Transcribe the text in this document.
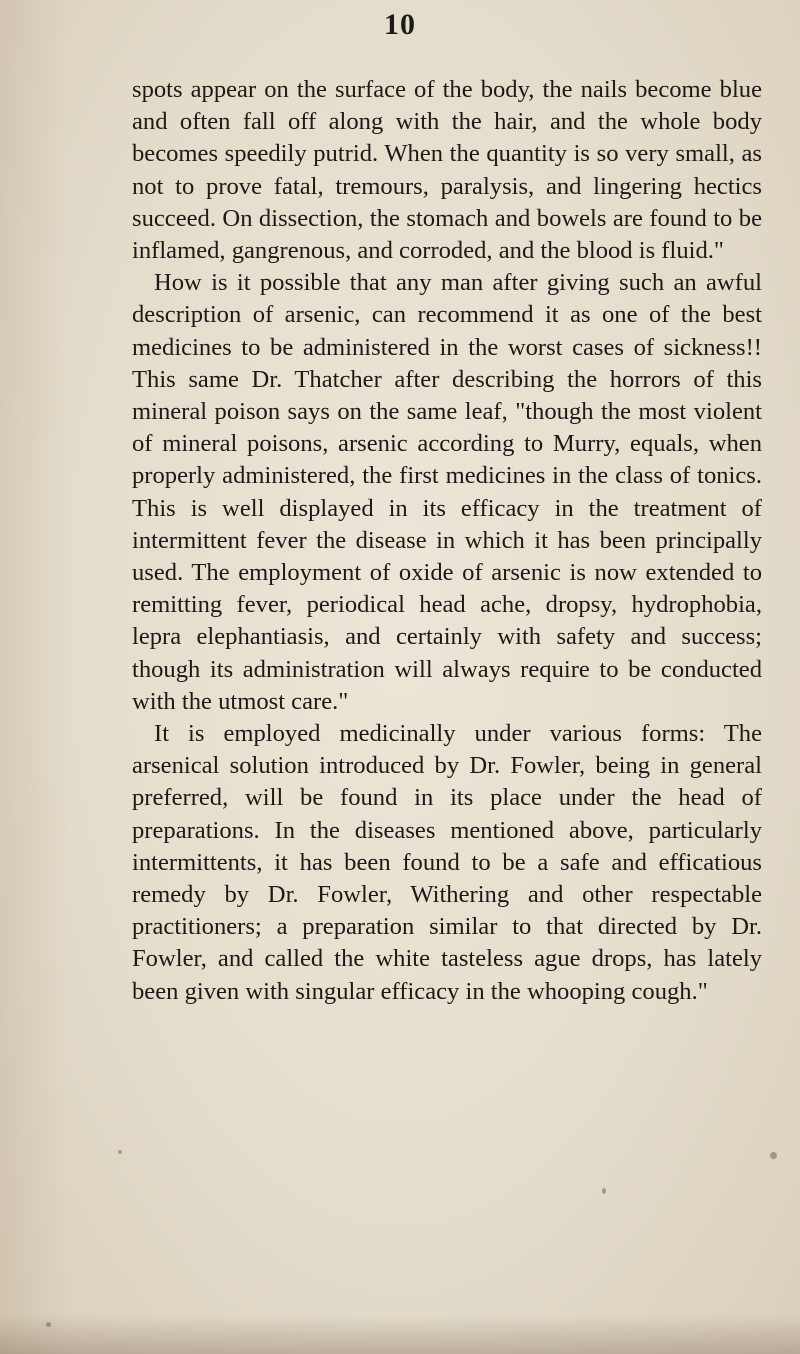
10

spots appear on the surface of the body, the nails become blue and often fall off along with the hair, and the whole body becomes speedily putrid. When the quantity is so very small, as not to prove fatal, tremours, paralysis, and lingering hectics succeed. On dissection, the stomach and bowels are found to be inflamed, gangrenous, and corroded, and the blood is fluid."

How is it possible that any man after giving such an awful description of arsenic, can recommend it as one of the best medicines to be administered in the worst cases of sickness!! This same Dr. Thatcher after describing the horrors of this mineral poison says on the same leaf, "though the most violent of mineral poisons, arsenic according to Murry, equals, when properly administered, the first medicines in the class of tonics. This is well displayed in its efficacy in the treatment of intermittent fever the disease in which it has been principally used. The employment of oxide of arsenic is now extended to remitting fever, periodical head ache, dropsy, hydrophobia, lepra elephantiasis, and certainly with safety and success; though its administration will always require to be conducted with the utmost care."

It is employed medicinally under various forms: The arsenical solution introduced by Dr. Fowler, being in general preferred, will be found in its place under the head of preparations. In the diseases mentioned above, particularly intermittents, it has been found to be a safe and efficatious remedy by Dr. Fowler, Withering and other respectable practitioners; a preparation similar to that directed by Dr. Fowler, and called the white tasteless ague drops, has lately been given with singular efficacy in the whooping cough."
